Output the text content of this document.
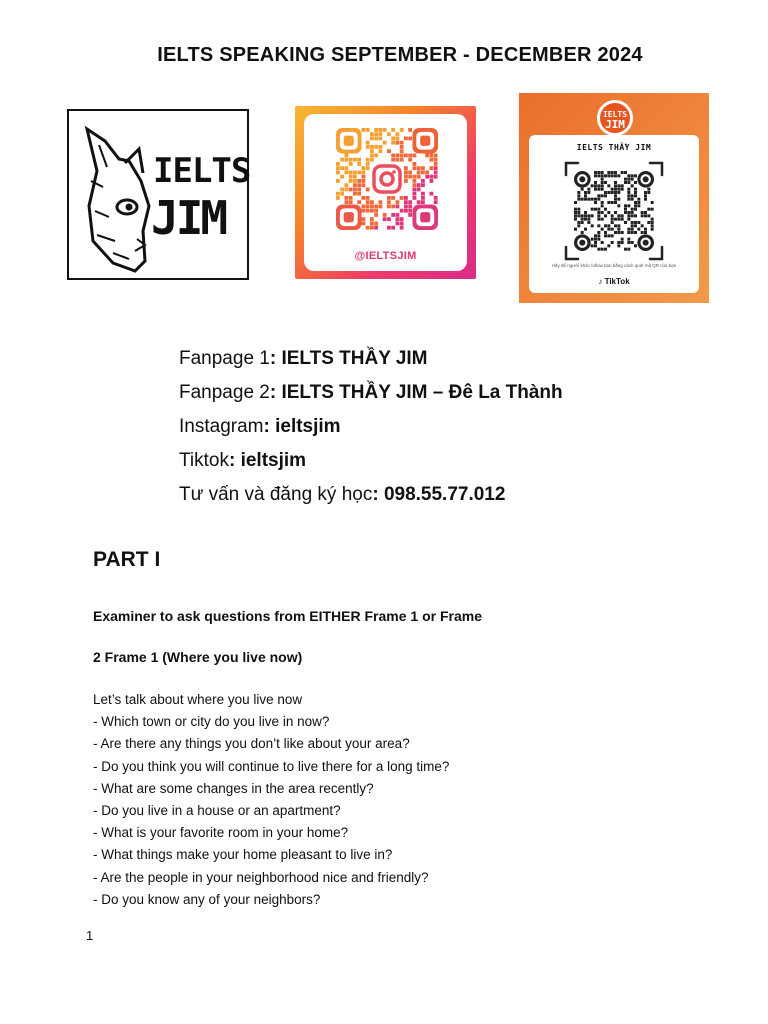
IELTS SPEAKING SEPTEMBER - DECEMBER 2024
IELTS
JIM
@IELTSJIM
IELTS
JIM
IELTS THẦY JIM
Hãy để người khác follow bạn bằng cách quét mã QR của bạn
♪ TikTok
Fanpage 1: IELTS THẦY JIM
Fanpage 2: IELTS THẦY JIM – Đê La Thành
Instagram: ieltsjim
Tiktok: ieltsjim
Tư vấn và đăng ký học: 098.55.77.012
PART I
Examiner to ask questions from EITHER Frame 1 or Frame
2 Frame 1 (Where you live now)
Let’s talk about where you live now
- Which town or city do you live in now?
- Are there any things you don’t like about your area?
- Do you think you will continue to live there for a long time?
- What are some changes in the area recently?
- Do you live in a house or an apartment?
- What is your favorite room in your home?
- What things make your home pleasant to live in?
- Are the people in your neighborhood nice and friendly?
- Do you know any of your neighbors?
1
